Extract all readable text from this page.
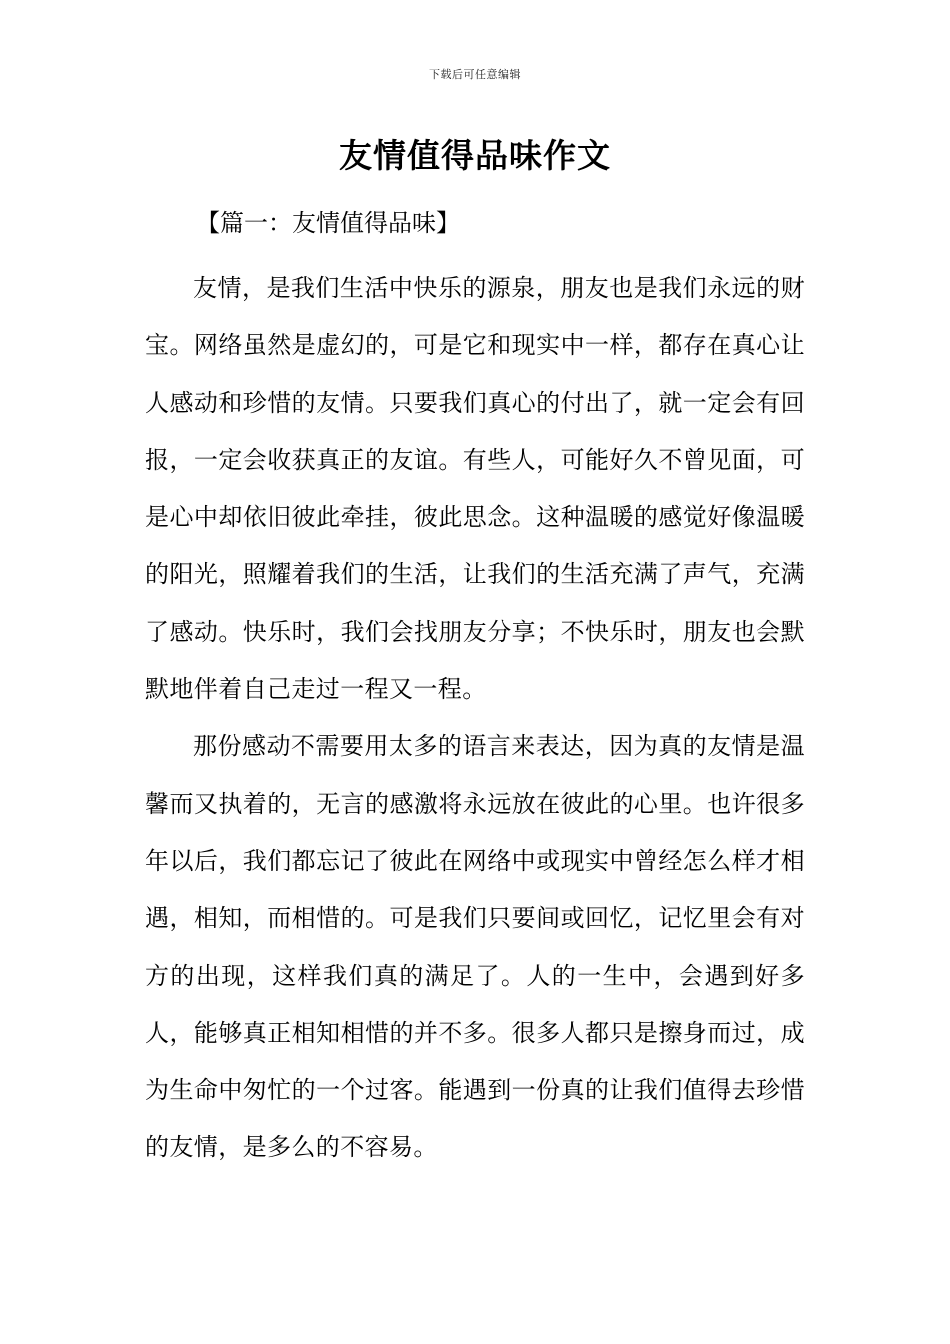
下载后可任意编辑
友情值得品味作文
【篇一：友情值得品味】

友情，是我们生活中快乐的源泉，朋友也是我们永远的财宝。网络虽然是虚幻的，可是它和现实中一样，都存在真心让人感动和珍惜的友情。只要我们真心的付出了，就一定会有回报，一定会收获真正的友谊。有些人，可能好久不曾见面，可是心中却依旧彼此牵挂，彼此思念。这种温暖的感觉好像温暖的阳光，照耀着我们的生活，让我们的生活充满了声气，充满了感动。快乐时，我们会找朋友分享；不快乐时，朋友也会默默地伴着自己走过一程又一程。

那份感动不需要用太多的语言来表达，因为真的友情是温馨而又执着的，无言的感激将永远放在彼此的心里。也许很多年以后，我们都忘记了彼此在网络中或现实中曾经怎么样才相遇，相知，而相惜的。可是我们只要间或回忆，记忆里会有对方的出现，这样我们真的满足了。人的一生中，会遇到好多人，能够真正相知相惜的并不多。很多人都只是擦身而过，成为生命中匆忙的一个过客。能遇到一份真的让我们值得去珍惜的友情，是多么的不容易。
